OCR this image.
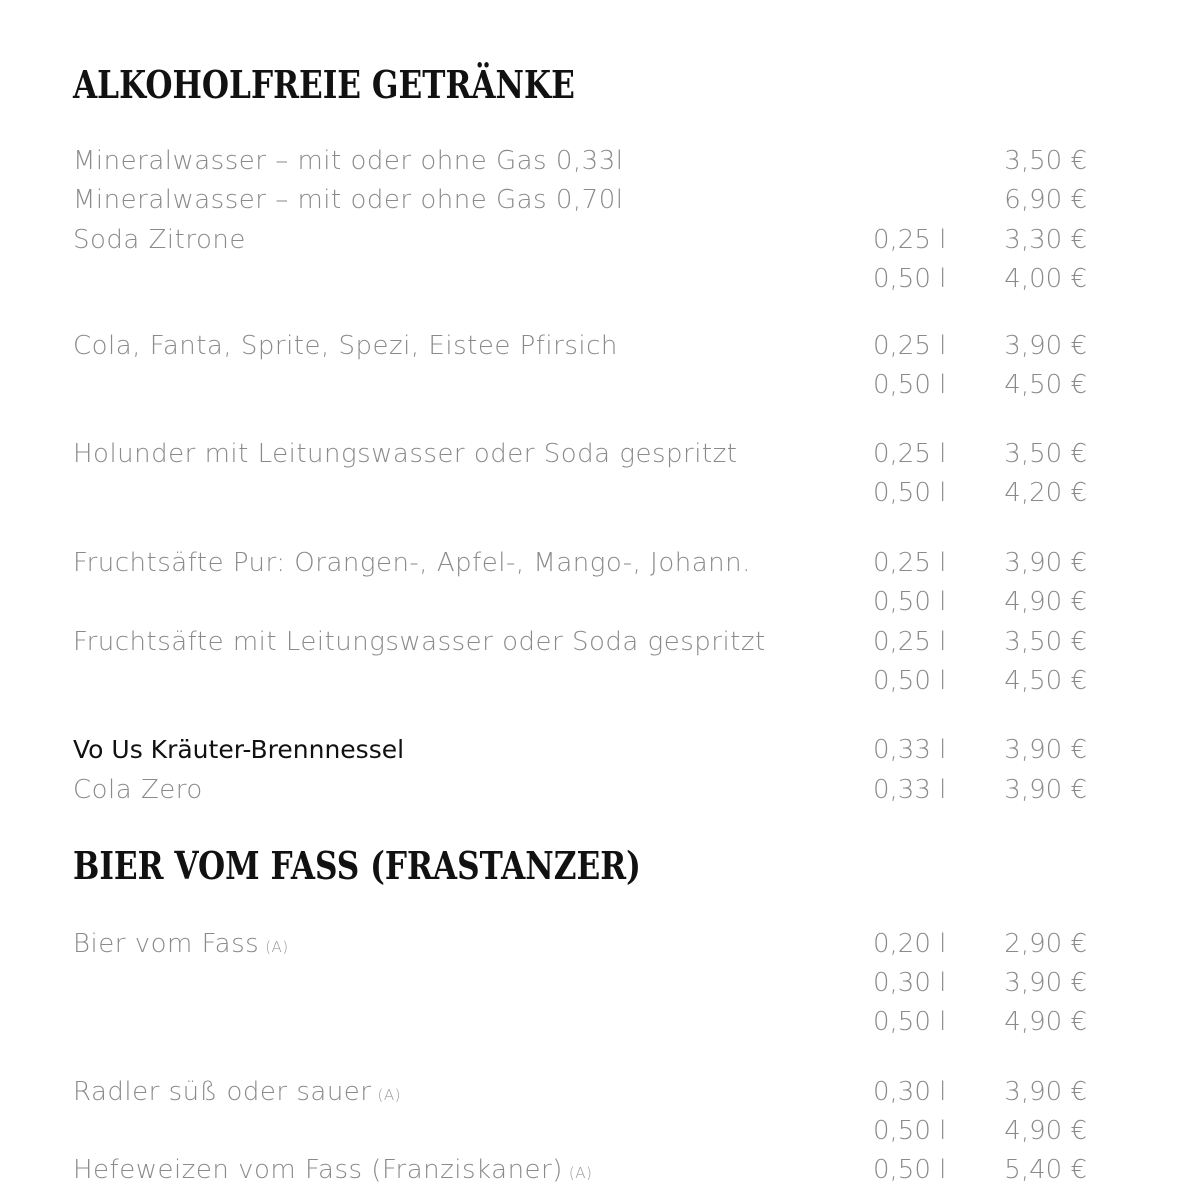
ALKOHOLFREIE GETRÄNKE
Mineralwasser – mit oder ohne Gas 0,33l	3,50 €
Mineralwasser – mit oder ohne Gas 0,70l	6,90 €
Soda Zitrone	0,25 l 3,30 €
0,50 l 4,00 €
Cola, Fanta, Sprite, Spezi, Eistee Pfirsich	0,25 l 3,90 €
0,50 l 4,50 €
Holunder mit Leitungswasser oder Soda gespritzt	0,25 l 3,50 €
0,50 l 4,20 €
Fruchtsäfte Pur: Orangen-, Apfel-, Mango-, Johann.	0,25 l 3,90 €
0,50 l 4,90 €
Fruchtsäfte mit Leitungswasser oder Soda gespritzt	0,25 l 3,50 €
0,50 l 4,50 €
Vo Us Kräuter-Brennnessel	0,33 l 3,90 €
Cola Zero	0,33 l 3,90 €
BIER VOM FASS (FRASTANZER)
Bier vom Fass (A)	0,20 l 2,90 €
0,30 l 3,90 €
0,50 l 4,90 €
Radler süß oder sauer (A)	0,30 l 3,90 €
0,50 l 4,90 €
Hefeweizen vom Fass (Franziskaner) (A)	0,50 l 5,40 €
